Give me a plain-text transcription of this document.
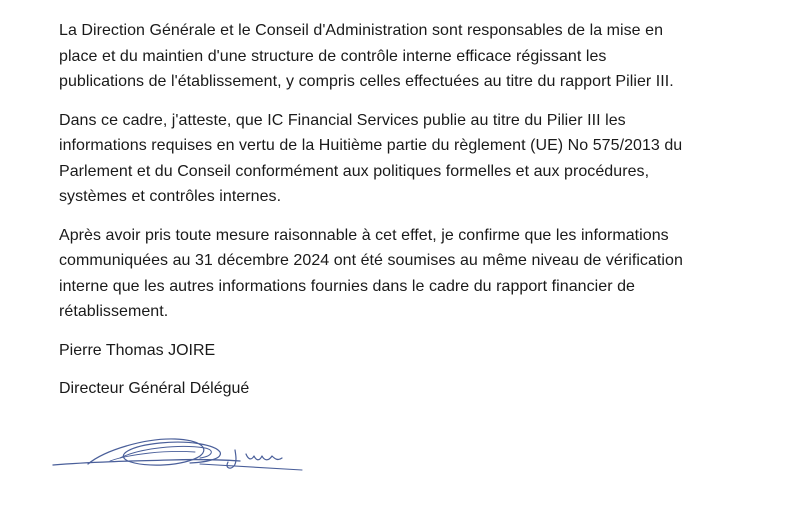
La Direction Générale et le Conseil d'Administration sont responsables de la mise en
place et du maintien d'une structure de contrôle interne efficace régissant les
publications de l'établissement, y compris celles effectuées au titre du rapport Pilier III.

Dans ce cadre, j'atteste, que IC Financial Services publie au titre du Pilier III les
informations requises en vertu de la Huitième partie du règlement (UE) No 575/2013 du
Parlement et du Conseil conformément aux politiques formelles et aux procédures,
systèmes et contrôles internes.

Après avoir pris toute mesure raisonnable à cet effet, je confirme que les informations
communiquées au 31 décembre 2024 ont été soumises au même niveau de vérification
interne que les autres informations fournies dans le cadre du rapport financier de
rétablissement.

Pierre Thomas JOIRE

Directeur Général Délégué
